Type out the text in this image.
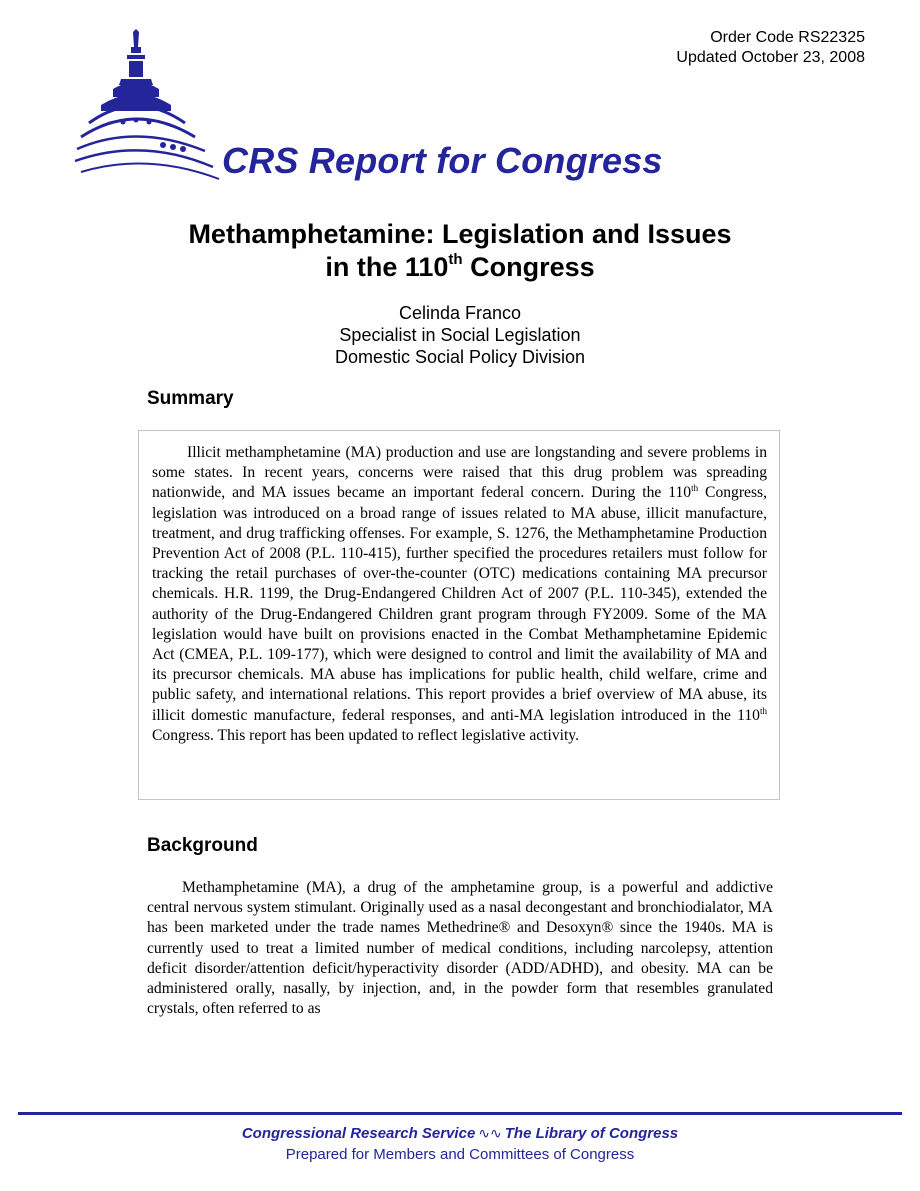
Order Code RS22325
Updated October 23, 2008
CRS Report for Congress
Methamphetamine: Legislation and Issues
in the 110th Congress
Celinda Franco
Specialist in Social Legislation
Domestic Social Policy Division
Summary

Illicit methamphetamine (MA) production and use are longstanding and severe problems in some states. In recent years, concerns were raised that this drug problem was spreading nationwide, and MA issues became an important federal concern. During the 110th Congress, legislation was introduced on a broad range of issues related to MA abuse, illicit manufacture, treatment, and drug trafficking offenses. For example, S. 1276, the Methamphetamine Production Prevention Act of 2008 (P.L. 110-415), further specified the procedures retailers must follow for tracking the retail purchases of over-the-counter (OTC) medications containing MA precursor chemicals. H.R. 1199, the Drug-Endangered Children Act of 2007 (P.L. 110-345), extended the authority of the Drug-Endangered Children grant program through FY2009. Some of the MA legislation would have built on provisions enacted in the Combat Methamphetamine Epidemic Act (CMEA, P.L. 109-177), which were designed to control and limit the availability of MA and its precursor chemicals. MA abuse has implications for public health, child welfare, crime and public safety, and international relations. This report provides a brief overview of MA abuse, its illicit domestic manufacture, federal responses, and anti-MA legislation introduced in the 110th Congress. This report has been updated to reflect legislative activity.

Background

Methamphetamine (MA), a drug of the amphetamine group, is a powerful and addictive central nervous system stimulant. Originally used as a nasal decongestant and bronchiodialator, MA has been marketed under the trade names Methedrine® and Desoxyn® since the 1940s. MA is currently used to treat a limited number of medical conditions, including narcolepsy, attention deficit disorder/attention deficit/hyperactivity disorder (ADD/ADHD), and obesity. MA can be administered orally, nasally, by injection, and, in the powder form that resembles granulated crystals, often referred to as

Congressional Research Service ∿∿ The Library of Congress
Prepared for Members and Committees of Congress
